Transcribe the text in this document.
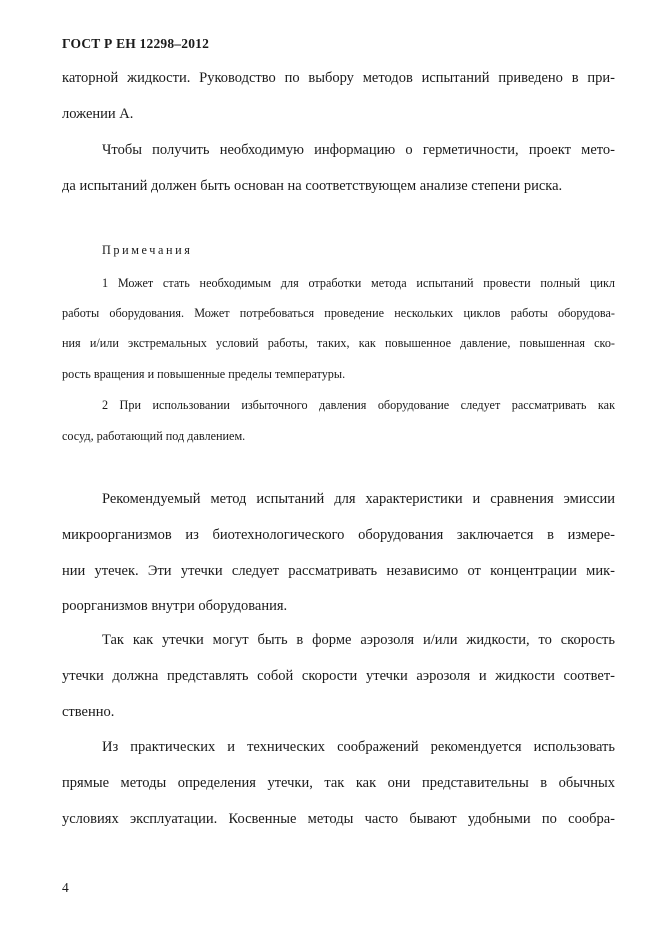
ГОСТ Р ЕН 12298–2012
каторной жидкости. Руководство по выбору методов испытаний приведено в при-
ложении А.
Чтобы получить необходимую информацию о герметичности, проект мето-
да испытаний должен быть основан на соответствующем анализе степени риска.
Примечания
1 Может стать необходимым для отработки метода испытаний провести полный цикл
работы оборудования. Может потребоваться проведение нескольких циклов работы оборудова-
ния и/или экстремальных условий работы, таких, как повышенное давление, повышенная ско-
рость вращения и повышенные пределы температуры.
2 При использовании избыточного давления оборудование следует рассматривать как
сосуд, работающий под давлением.
Рекомендуемый метод испытаний для характеристики и сравнения эмиссии
микроорганизмов из биотехнологического оборудования заключается в измере-
нии утечек. Эти утечки следует рассматривать независимо от концентрации мик-
роорганизмов внутри оборудования.
Так как утечки могут быть в форме аэрозоля и/или жидкости, то скорость
утечки должна представлять собой скорости утечки аэрозоля и жидкости соответ-
ственно.
Из практических и технических соображений рекомендуется использовать
прямые методы определения утечки, так как они представительны в обычных
условиях эксплуатации. Косвенные методы часто бывают удобными по сообра-
4
